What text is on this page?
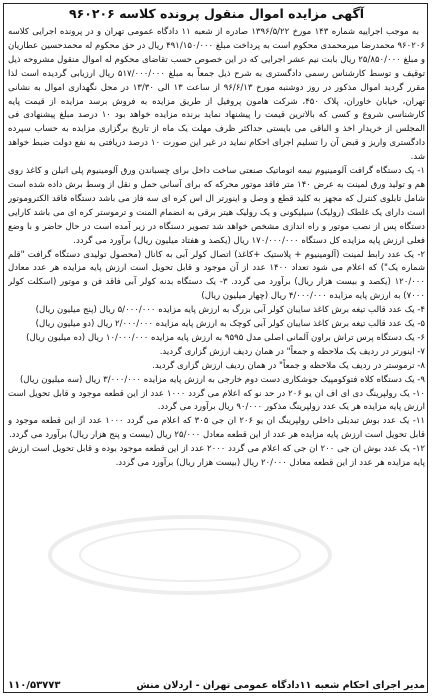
آگهی مزایده اموال منقول پرونده کلاسه ۹۶۰۲۰۶

به موجب اجراییه شماره ۱۴۳ مورخ ۱۳۹۶/۵/۲۲ صادره از شعبه ۱۱ دادگاه عمومی تهران و در پرونده اجرایی کلاسه ۹۶۰۲۰۶ محمدرضا میرمحمدی محکوم است به پرداخت مبلغ ۴۹۱/۱۵۰/۰۰۰ ریال در حق محکوم له محمدحسین عطاریان و مبلغ ۲۵/۸۵۰/۰۰۰ ریال بابت نیم عشر اجرایی که در این خصوص حسب تقاضای محکوم له اموال منقول مشروحه ذیل توقیف و توسط کارشناس رسمی دادگستری به شرح ذیل جمعاً به مبلغ ۵۱۷/۰۰۰/۰۰۰ ریال ارزیابی گردیده است لذا مقرر گردید اموال مذکور در روز دوشنبه مورخ ۹۶/۶/۱۳ از ساعت ۱۳ الی ۱۳/۳۰ در محل نگهداری اموال به نشانی تهران، خیابان خاوران، پلاک ۴۵۰، شرکت هامون پروفیل از طریق مزایده به فروش برسد مزایده از قیمت پایه کارشناسی شروع و کسی که بالاترین قیمت را پیشنهاد نماید برنده مزایده خواهد بود ۱۰ درصد مبلغ پیشنهادی فی المجلس از خریدار اخذ و الباقی می بایستی حداکثر ظرف مهلت یک ماه از تاریخ برگزاری مزایده به حساب سپرده دادگستری واریز و قبض آن را تسلیم اجرای احکام نماید در غیر این صورت ۱۰ درصد دریافتی به نفع دولت ضبط خواهد شد.

۱- یک دستگاه گرافت آلومینیوم نیمه اتوماتیک صنعتی ساخت داخل برای چسباندن ورق آلومینیوم پلی اتیلن و کاغذ روی هم و تولید ورق لمینت به عرض ۱۴۰ متر فاقد موتور محرکه که برای آسانی حمل و نقل از وسط برش داده شده است شامل تابلوی کنترل که مجهز به کلید قطع و وصل و اینورتر ال اس کره ای سه فاز می باشد دستگاه فاقد الکتروموتور است دارای یک غلطک (رولیک) سیلیکونی و یک رولیک هیتر برقی به انضمام المنت و ترموستر کره ای می باشد کارایی دستگاه پس از نصب موتور و راه اندازی مشخص خواهد شد تصویر دستگاه در زیر آمده است در حال حاضر و با وضع فعلی ارزش پایه مزایده کل دستگاه ۱۷۰/۰۰۰/۰۰۰ ریال (یکصد و هفتاد میلیون ریال) برآورد می گردد.

۲- یک عدد رابط لمینت (آلومینیوم + پلاستیک +کاغذ) اتصال کولر آبی به کانال (محصول تولیدی دستگاه گرافت "قلم شماره یک") که اعلام می شود تعداد ۱۴۰۰ عدد از آن موجود و قابل تحویل است ارزش پایه مزایده هر عدد معادل ۱۲۰/۰۰۰ (یکصد و بیست هزار ریال) برآورد می گردد. ۳- یک دستگاه بدنه کولر آبی فاقد فن و موتور (اسکلت کولر ۷۰۰۰) به ارزش پایه مزایده ۴/۰۰۰/۰۰۰ ریال (چهار میلیون ریال)

۴- یک عدد قالب تیغه برش کاغذ سایبان کولر آبی بزرگ به ارزش پایه مزایده ۵/۰۰۰/۰۰۰ ریال (پنج میلیون ریال)

۵- یک عدد قالب تیغه برش کاغذ سایبان کولر آبی کوچک به ارزش پایه مزایده ۲/۰۰۰/۰۰۰ ریال (دو میلیون ریال)

۶- یک دستگاه پرس تراش براون آلمانی اصلی مدل ۹۵۹۵ به ارزش پایه مزایده ۱۰/۰۰۰/۰۰۰ ریال (ده میلیون ریال)

۷- اینورتر در ردیف یک ملاحظه و جمعاً" در همان ردیف ارزش گزاری گردید.

۸- ترموستر در ردیف یک ملاحظه و جمعاً" در همان ردیف ارزش گزاری گردید.

۹- یک دستگاه کلاه فتوکومپیک جوشکاری دست دوم خارجی به ارزش پایه مزایده ۳/۰۰۰/۰۰۰ ریال (سه میلیون ریال)

۱۰- یک رولپرینگ دی ای اف ان یو ۲۰۶ در حد نو که اعلام می گردد ۱۰۰۰ عدد از این قطعه موجود و قابل تحویل است ارزش پایه مزایده هر یک عدد رولپرینگ مذکور ۹۰/۰۰۰ ریال برآورد می گردد.

۱۱- یک عدد بوش تبدیلی داخلی رولپرینگ ان یو ۲۰۶ ان جی ۳۰۵ که اعلام می گردد ۱۰۰۰ عدد از این قطعه موجود و قابل تحویل است ارزش پایه مزایده هر عدد از این قطعه معادل ۲۵/۰۰۰ ریال (بیست و پنج هزار ریال) برآورد می گردد.

۱۲- یک عدد بوش ان جی ۲۰۰ ان جی که اعلام می گردد ۲۰۰۰ عدد از این قطعه موجود بوده و قابل تحویل است ارزش پایه مزایده هر عدد از این قطعه معادل ۲۰/۰۰۰ ریال (بیست هزار ریال) برآورد می گردد.

مدیر اجرای احکام شعبه ۱۱دادگاه عمومی تهران - اردلان منش
۱۱۰/۵۳۷۷۳
